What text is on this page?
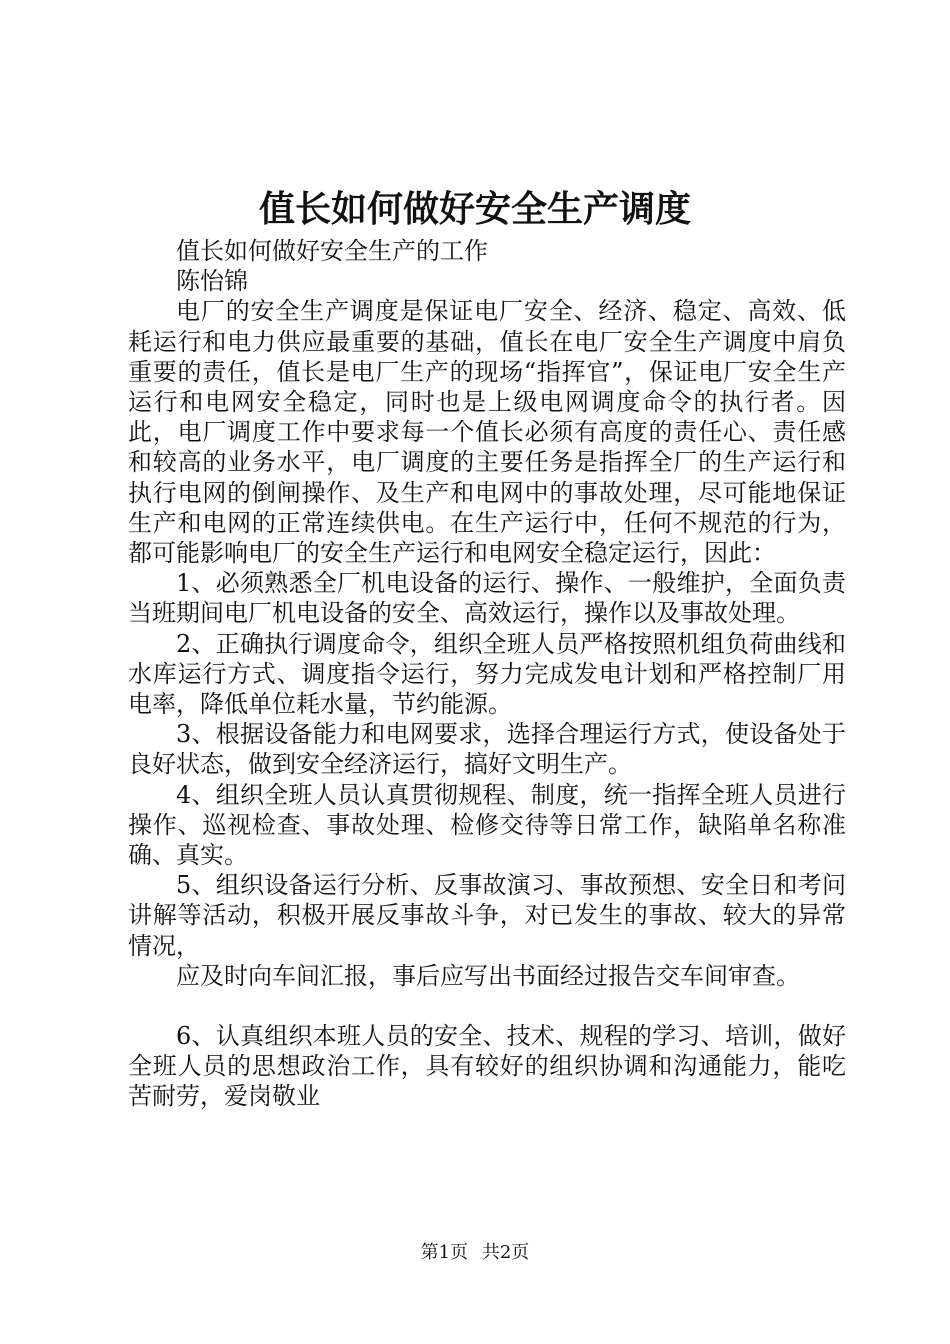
值长如何做好安全生产调度

值长如何做好安全生产的工作

陈怡锦

电厂的安全生产调度是保证电厂安全、经济、稳定、高效、低耗运行和电力供应最重要的基础，值长在电厂安全生产调度中肩负重要的责任，值长是电厂生产的现场“指挥官”，保证电厂安全生产运行和电网安全稳定，同时也是上级电网调度命令的执行者。因此，电厂调度工作中要求每一个值长必须有高度的责任心、责任感和较高的业务水平，电厂调度的主要任务是指挥全厂的生产运行和执行电网的倒闸操作、及生产和电网中的事故处理，尽可能地保证生产和电网的正常连续供电。在生产运行中，任何不规范的行为，都可能影响电厂的安全生产运行和电网安全稳定运行，因此：

1、必须熟悉全厂机电设备的运行、操作、一般维护，全面负责当班期间电厂机电设备的安全、高效运行，操作以及事故处理。

2、正确执行调度命令，组织全班人员严格按照机组负荷曲线和水库运行方式、调度指令运行，努力完成发电计划和严格控制厂用电率，降低单位耗水量，节约能源。

3、根据设备能力和电网要求，选择合理运行方式，使设备处于良好状态，做到安全经济运行，搞好文明生产。

4、组织全班人员认真贯彻规程、制度，统一指挥全班人员进行操作、巡视检查、事故处理、检修交待等日常工作，缺陷单名称准确、真实。

5、组织设备运行分析、反事故演习、事故预想、安全日和考问讲解等活动，积极开展反事故斗争，对已发生的事故、较大的异常情况，

应及时向车间汇报，事后应写出书面经过报告交车间审查。

6、认真组织本班人员的安全、技术、规程的学习、培训，做好全班人员的思想政治工作，具有较好的组织协调和沟通能力，能吃苦耐劳，爱岗敬业

第1页 共2页
